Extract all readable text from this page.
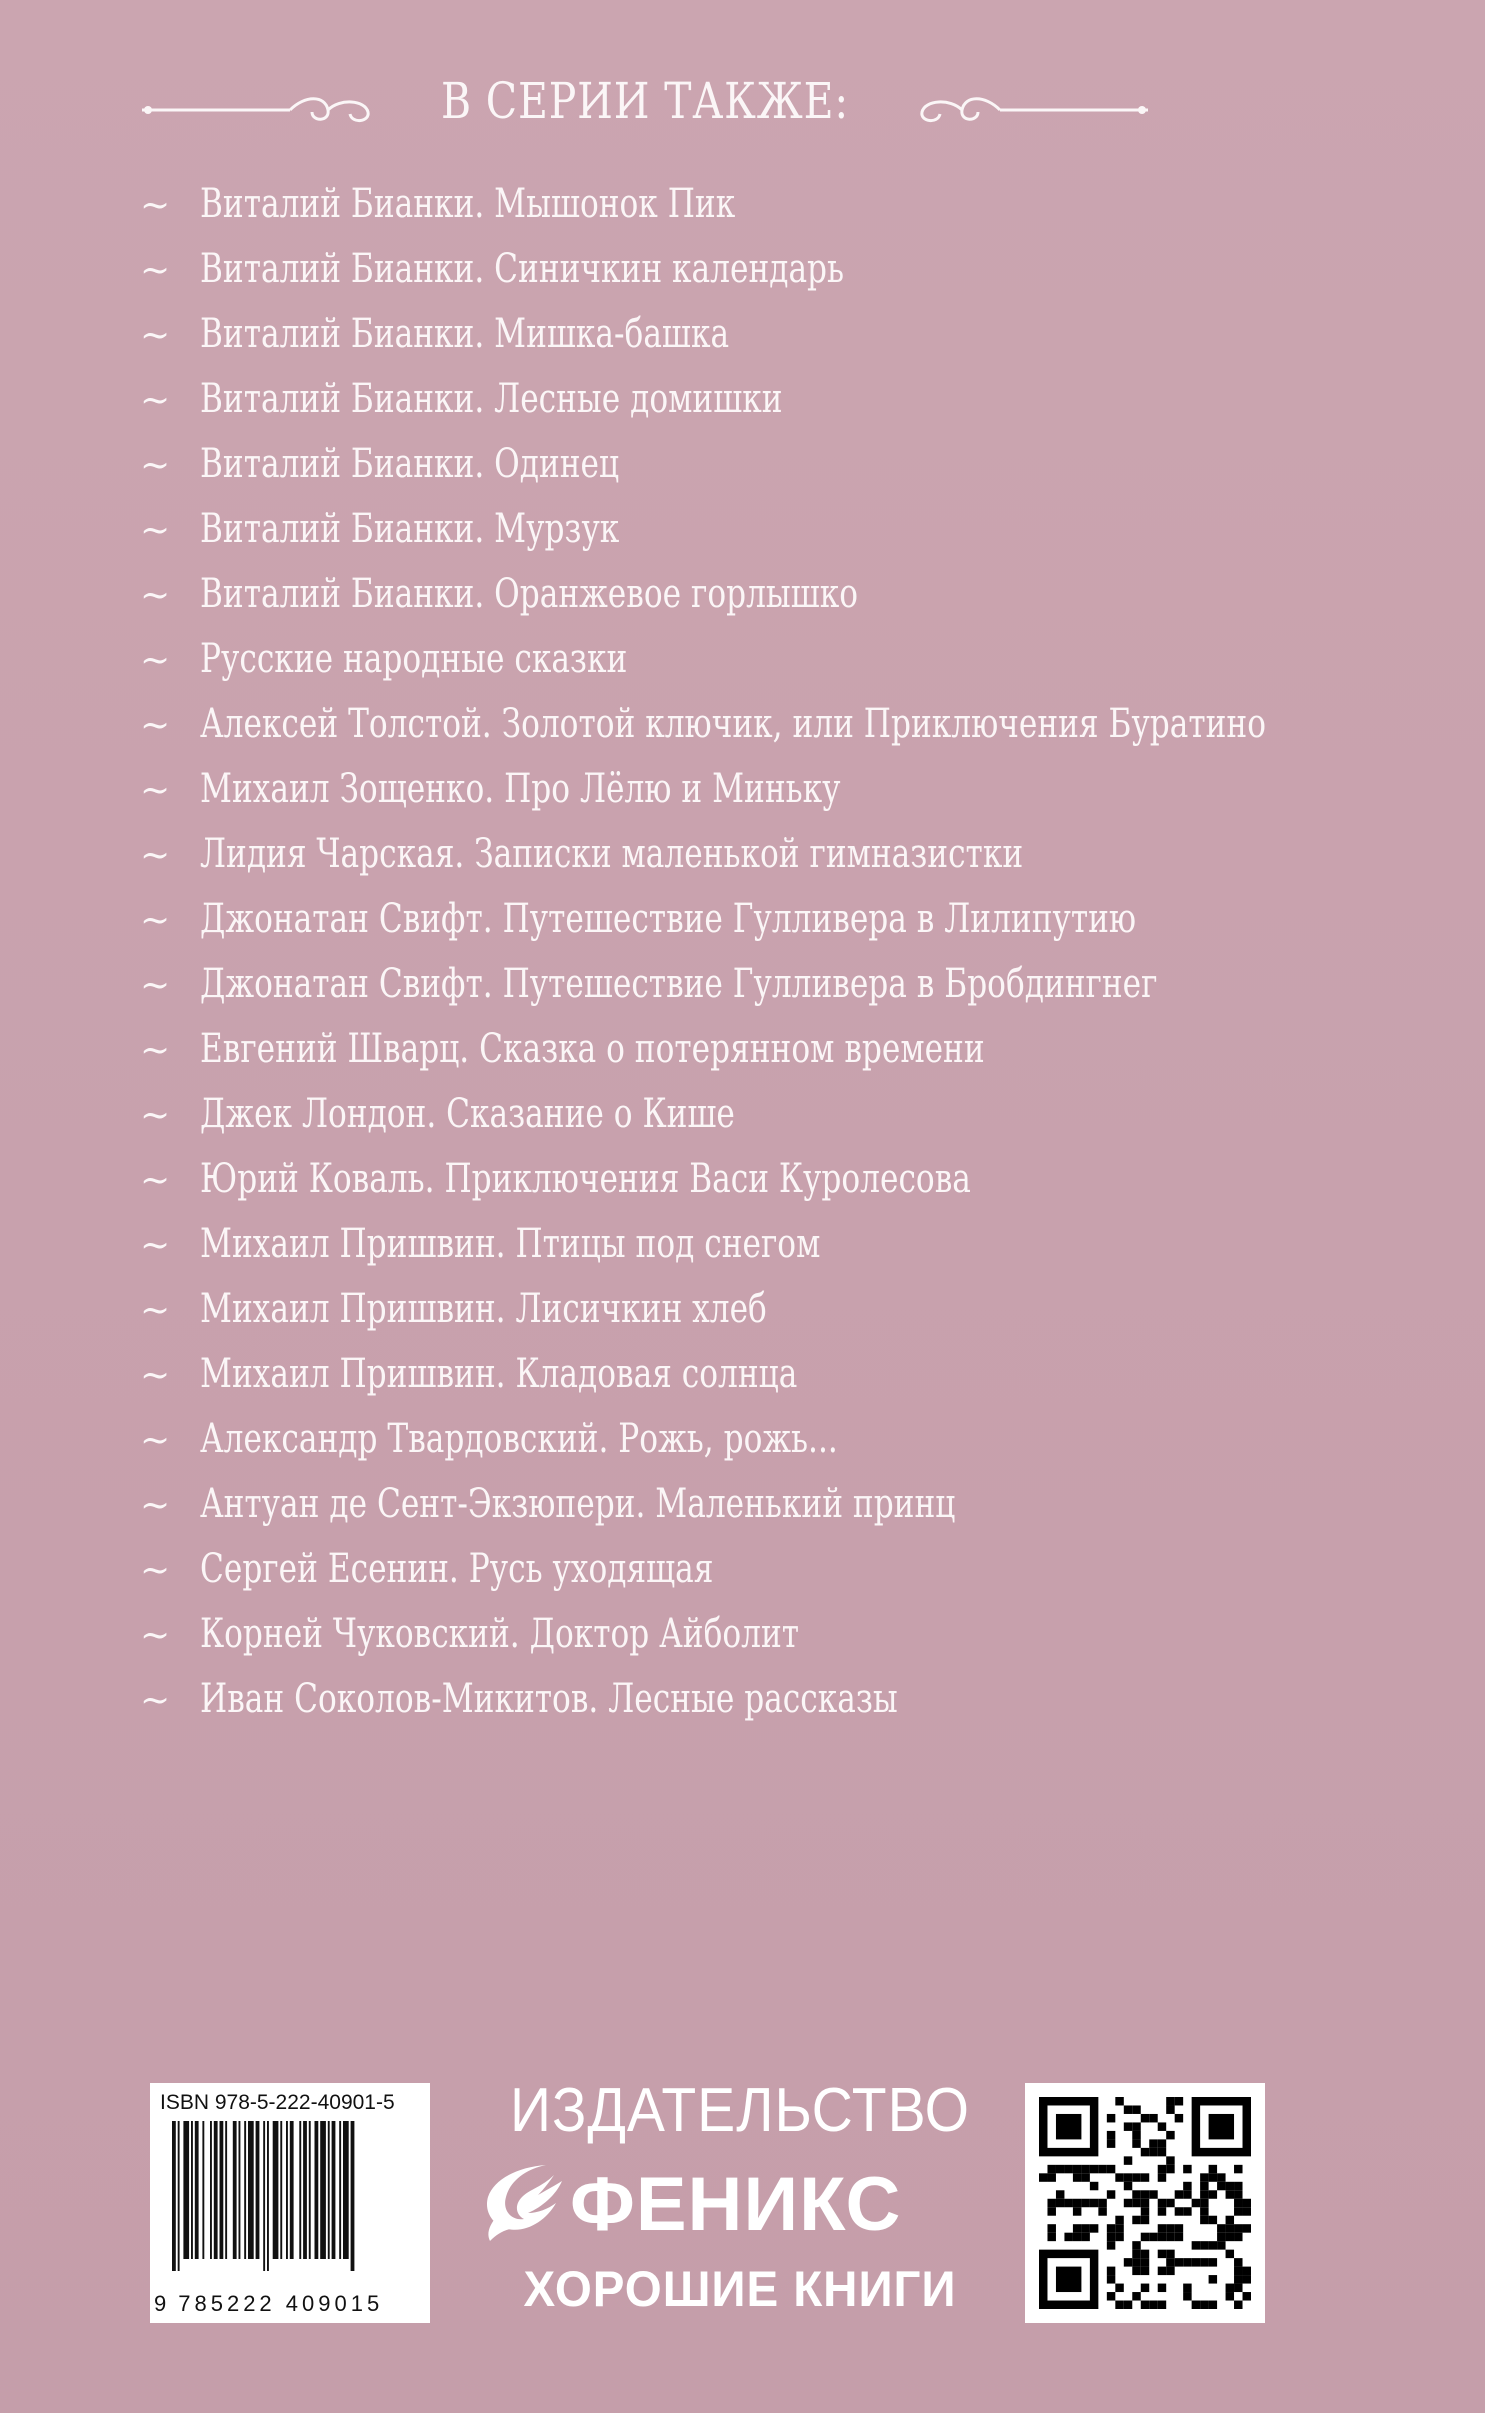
В СЕРИИ ТАКЖЕ:
~ Виталий Бианки. Мышонок Пик
~ Виталий Бианки. Синичкин календарь
~ Виталий Бианки. Мишка-башка
~ Виталий Бианки. Лесные домишки
~ Виталий Бианки. Одинец
~ Виталий Бианки. Мурзук
~ Виталий Бианки. Оранжевое горлышко
~ Русские народные сказки
~ Алексей Толстой. Золотой ключик, или Приключения Буратино
~ Михаил Зощенко. Про Лёлю и Миньку
~ Лидия Чарская. Записки маленькой гимназистки
~ Джонатан Свифт. Путешествие Гулливера в Лилипутию
~ Джонатан Свифт. Путешествие Гулливера в Бробдингнег
~ Евгений Шварц. Сказка о потерянном времени
~ Джек Лондон. Сказание о Кише
~ Юрий Коваль. Приключения Васи Куролесова
~ Михаил Пришвин. Птицы под снегом
~ Михаил Пришвин. Лисичкин хлеб
~ Михаил Пришвин. Кладовая солнца
~ Александр Твардовский. Рожь, рожь...
~ Антуан де Сент-Экзюпери. Маленький принц
~ Сергей Есенин. Русь уходящая
~ Корней Чуковский. Доктор Айболит
~ Иван Соколов-Микитов. Лесные рассказы
ISBN 978-5-222-40901-5
9 785222 409015
ИЗДАТЕЛЬСТВО
ФЕНИКС
ХОРОШИЕ КНИГИ
